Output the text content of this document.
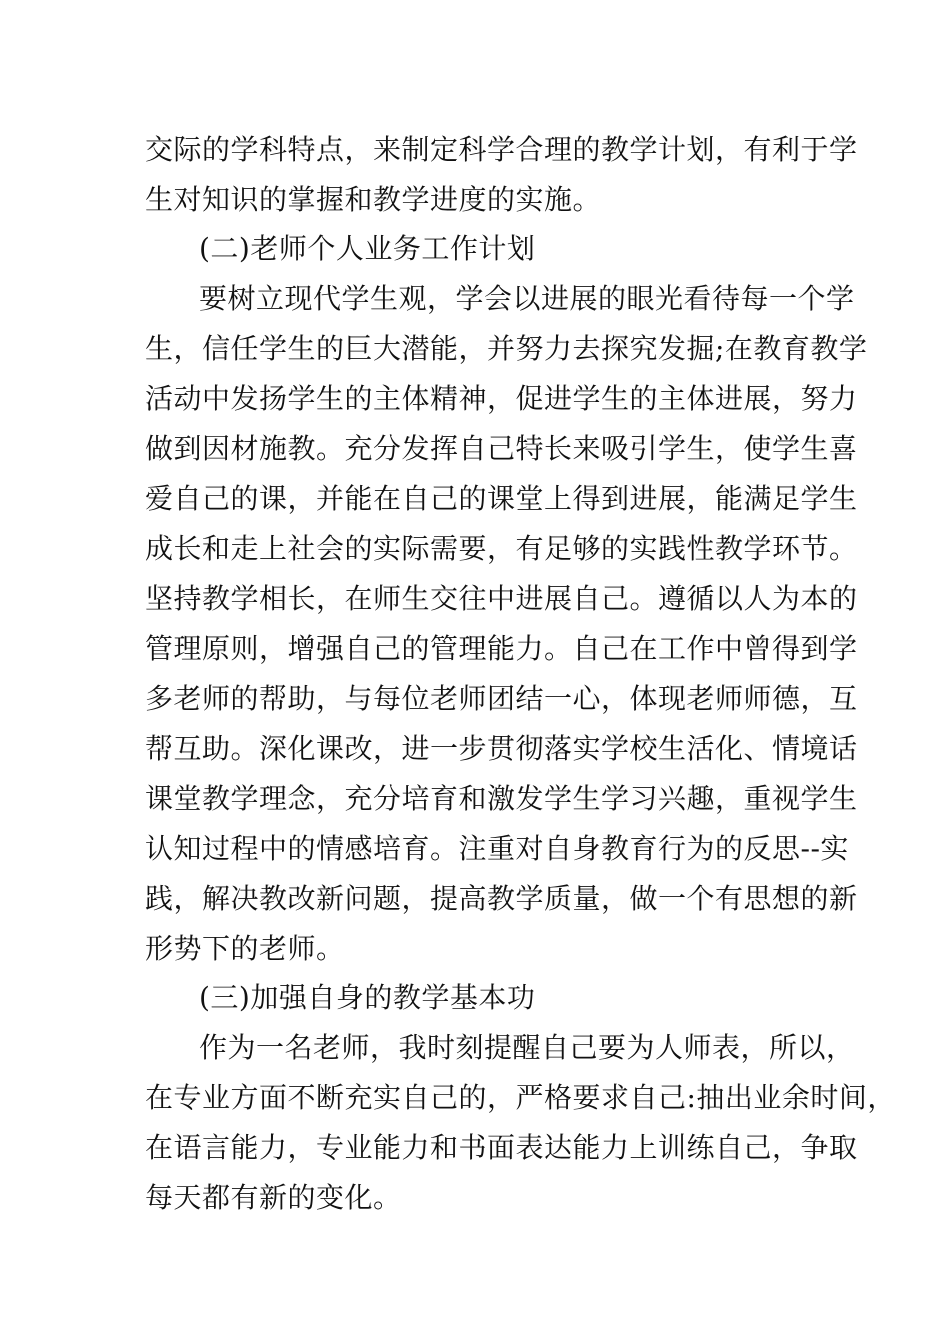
交际的学科特点，来制定科学合理的教学计划，有利于学
生对知识的掌握和教学进度的实施。
(二)老师个人业务工作计划
要树立现代学生观，学会以进展的眼光看待每一个学
生，信任学生的巨大潜能，并努力去探究发掘;在教育教学
活动中发扬学生的主体精神，促进学生的主体进展，努力
做到因材施教。充分发挥自己特长来吸引学生，使学生喜
爱自己的课，并能在自己的课堂上得到进展，能满足学生
成长和走上社会的实际需要，有足够的实践性教学环节。
坚持教学相长，在师生交往中进展自己。遵循以人为本的
管理原则，增强自己的管理能力。自己在工作中曾得到学
多老师的帮助，与每位老师团结一心，体现老师师德，互
帮互助。深化课改，进一步贯彻落实学校生活化、情境话
课堂教学理念，充分培育和激发学生学习兴趣，重视学生
认知过程中的情感培育。注重对自身教育行为的反思--实
践，解决教改新问题，提高教学质量，做一个有思想的新
形势下的老师。
(三)加强自身的教学基本功
作为一名老师，我时刻提醒自己要为人师表，所以，
在专业方面不断充实自己的，严格要求自己:抽出业余时间，
在语言能力，专业能力和书面表达能力上训练自己，争取
每天都有新的变化。
